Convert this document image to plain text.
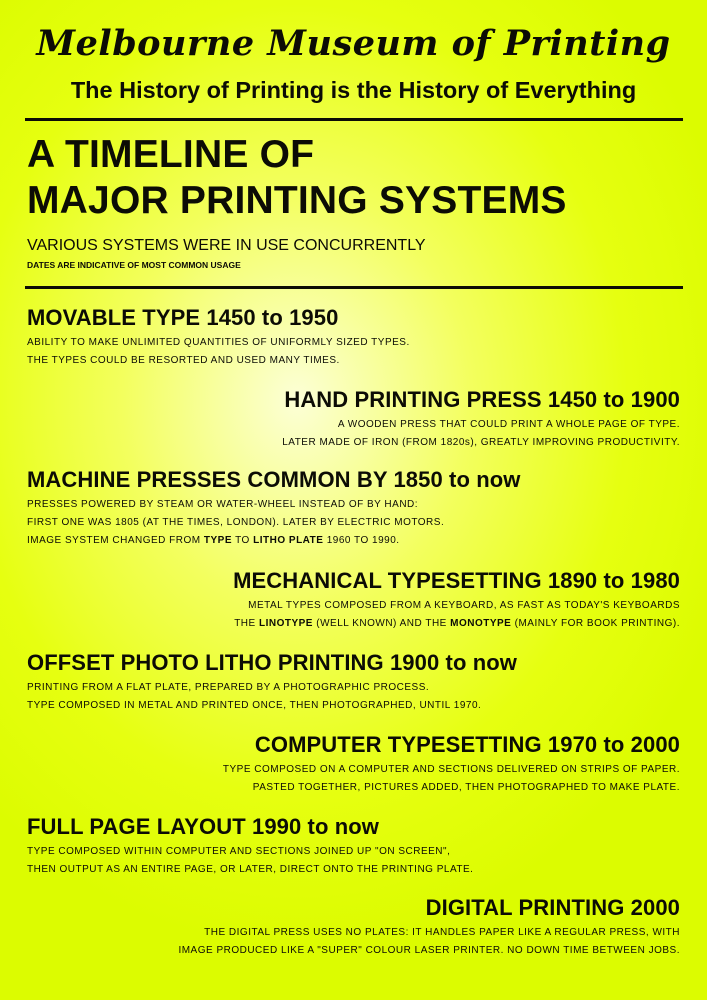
Melbourne Museum of Printing

The History of Printing is the History of Everything

A TIMELINE OF
MAJOR PRINTING SYSTEMS

VARIOUS SYSTEMS WERE IN USE CONCURRENTLY

DATES ARE INDICATIVE OF MOST COMMON USAGE

MOVABLE TYPE 1450 to 1950
ABILITY TO MAKE UNLIMITED QUANTITIES OF UNIFORMLY SIZED TYPES.
THE TYPES COULD BE RESORTED AND USED MANY TIMES.
HAND PRINTING PRESS 1450 to 1900
A WOODEN PRESS THAT COULD PRINT A WHOLE PAGE OF TYPE.
LATER MADE OF IRON (FROM 1820s), GREATLY IMPROVING PRODUCTIVITY.
MACHINE PRESSES COMMON BY 1850 to now
PRESSES POWERED BY STEAM OR WATER-WHEEL INSTEAD OF BY HAND:
FIRST ONE WAS 1805 (AT THE TIMES, LONDON). LATER BY ELECTRIC MOTORS.
IMAGE SYSTEM CHANGED FROM TYPE TO LITHO PLATE 1960 TO 1990.
MECHANICAL TYPESETTING 1890 to 1980
METAL TYPES COMPOSED FROM A KEYBOARD, AS FAST AS TODAY'S KEYBOARDS
THE LINOTYPE (WELL KNOWN) AND THE MONOTYPE (MAINLY FOR BOOK PRINTING).
OFFSET PHOTO LITHO PRINTING 1900 to now
PRINTING FROM A FLAT PLATE, PREPARED BY A PHOTOGRAPHIC PROCESS.
TYPE COMPOSED IN METAL AND PRINTED ONCE, THEN PHOTOGRAPHED, UNTIL 1970.
COMPUTER TYPESETTING 1970 to 2000
TYPE COMPOSED ON A COMPUTER AND SECTIONS DELIVERED ON STRIPS OF PAPER.
PASTED TOGETHER, PICTURES ADDED, THEN PHOTOGRAPHED TO MAKE PLATE.
FULL PAGE LAYOUT 1990 to now
TYPE COMPOSED WITHIN COMPUTER AND SECTIONS JOINED UP "ON SCREEN",
THEN OUTPUT AS AN ENTIRE PAGE, OR LATER, DIRECT ONTO THE PRINTING PLATE.
DIGITAL PRINTING 2000
THE DIGITAL PRESS USES NO PLATES: IT HANDLES PAPER LIKE A REGULAR PRESS, WITH
IMAGE PRODUCED LIKE A "SUPER" COLOUR LASER PRINTER. NO DOWN TIME BETWEEN JOBS.
